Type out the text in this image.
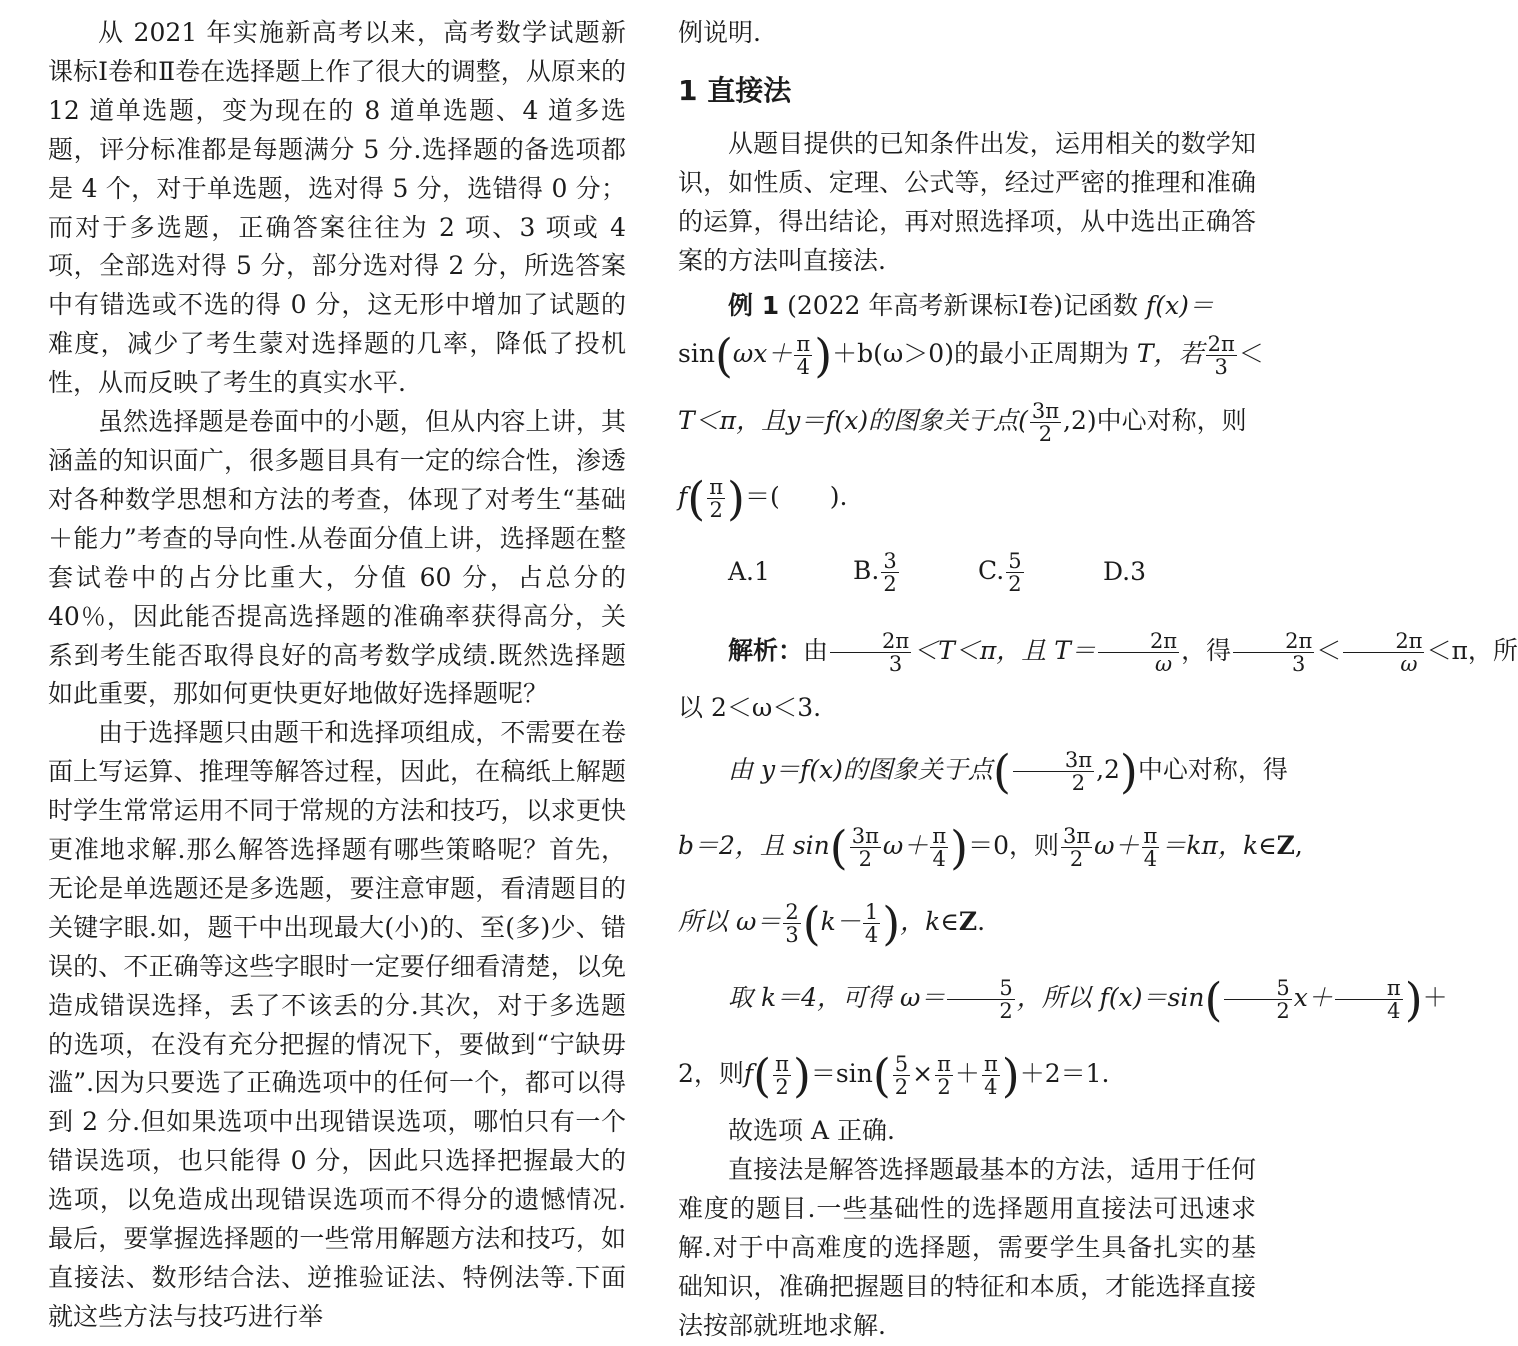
从 2021 年实施新高考以来，高考数学试题新课标Ⅰ卷和Ⅱ卷在选择题上作了很大的调整，从原来的 12 道单选题，变为现在的 8 道单选题、4 道多选题，评分标准都是每题满分 5 分.选择题的备选项都是 4 个，对于单选题，选对得 5 分，选错得 0 分；而对于多选题，正确答案往往为 2 项、3 项或 4 项，全部选对得 5 分，部分选对得 2 分，所选答案中有错选或不选的得 0 分，这无形中增加了试题的难度，减少了考生蒙对选择题的几率，降低了投机性，从而反映了考生的真实水平.

虽然选择题是卷面中的小题，但从内容上讲，其涵盖的知识面广，很多题目具有一定的综合性，渗透对各种数学思想和方法的考查，体现了对考生“基础＋能力”考查的导向性.从卷面分值上讲，选择题在整套试卷中的占分比重大，分值 60 分，占总分的 40％，因此能否提高选择题的准确率获得高分，关系到考生能否取得良好的高考数学成绩.既然选择题如此重要，那如何更快更好地做好选择题呢？

由于选择题只由题干和选择项组成，不需要在卷面上写运算、推理等解答过程，因此，在稿纸上解题时学生常常运用不同于常规的方法和技巧，以求更快更准地求解.那么解答选择题有哪些策略呢？首先，无论是单选题还是多选题，要注意审题，看清题目的关键字眼.如，题干中出现最大(小)的、至(多)少、错误的、不正确等这些字眼时一定要仔细看清楚，以免造成错误选择，丢了不该丢的分.其次，对于多选题的选项，在没有充分把握的情况下，要做到“宁缺毋滥”.因为只要选了正确选项中的任何一个，都可以得到 2 分.但如果选项中出现错误选项，哪怕只有一个错误选项，也只能得 0 分，因此只选择把握最大的选项，以免造成出现错误选项而不得分的遗憾情况.最后，要掌握选择题的一些常用解题方法和技巧，如直接法、数形结合法、逆推验证法、特例法等.下面就这些方法与技巧进行举

例说明.

1 直接法

从题目提供的已知条件出发，运用相关的数学知识，如性质、定理、公式等，经过严密的推理和准确的运算，得出结论，再对照选择项，从中选出正确答案的方法叫直接法.

例 1 (2022 年高考新课标Ⅰ卷)记函数 f(x)＝

$\sin(\omega x+ \frac{\pi}{4} )+b(\omega>0)$的最小正周期为 T，若 $\frac{2\pi}{3}$ ＜

T＜π，且y＝f(x)的图象关于点( $\frac{3\pi}{2} ,2$)中心对称，则

$f( \frac{\pi}{2}$ )＝(　　).

A.1	B. $\frac{3}{2}$	C. $\frac{5}{2}$	D.3

解析：由 $\frac{2\pi}{3} <T<\pi$，且 $T= \frac{2\pi}{\omega}$ ，得 $\frac{2\pi}{3} < \frac{2\pi}{\omega} <\pi$，所

以 2＜ω＜3.

由 y＝f(x)的图象关于点( $\frac{3\pi}{2} ,2$)中心对称，得

b＝2，且 $\sin( \frac{3\pi}{2} \omega+ \frac{\pi}{4} )=0$，则 $\frac{3\pi}{2} \omega+ \frac{\pi}{4} =k\pi$，k∈Z,

所以 $\omega= \frac{2}{3} (k- \frac{1}{4}$ )，k∈Z.

取 k＝4，可得 $\omega= \frac{5}{2}$ ，所以 $f(x)=\sin( \frac{5}{2} x+ \frac{\pi}{4}$ )＋

2，则$f( \frac{\pi}{2} )=\sin( \frac{5}{2} \times \frac{\pi}{2} + \frac{\pi}{4} )+2=1$.

故选项 A 正确.

直接法是解答选择题最基本的方法，适用于任何难度的题目.一些基础性的选择题用直接法可迅速求解.对于中高难度的选择题，需要学生具备扎实的基础知识，准确把握题目的特征和本质，才能选择直接法按部就班地求解.
